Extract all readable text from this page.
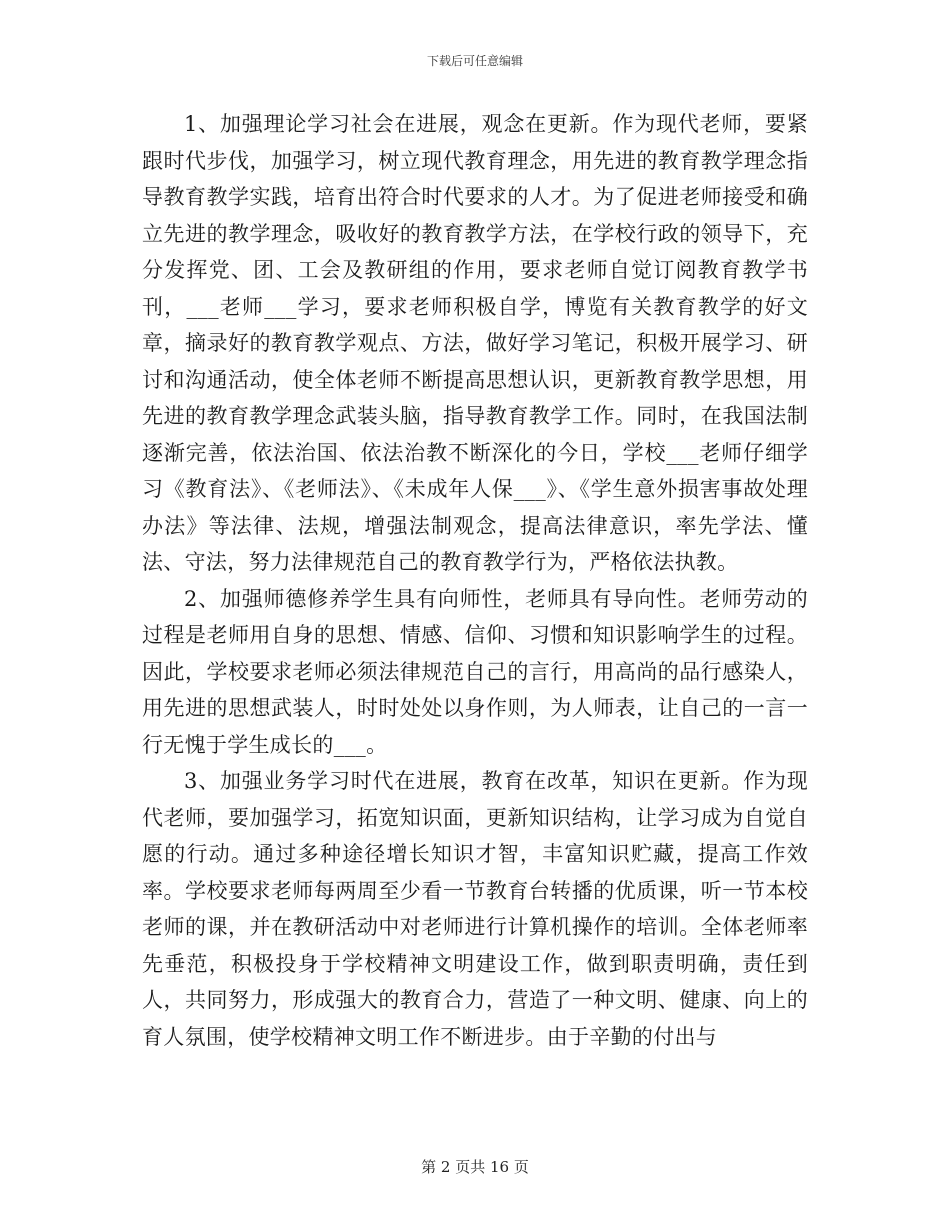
下载后可任意编辑

1、加强理论学习社会在进展，观念在更新。作为现代老师，要紧跟时代步伐，加强学习，树立现代教育理念，用先进的教育教学理念指导教育教学实践，培育出符合时代要求的人才。为了促进老师接受和确立先进的教学理念，吸收好的教育教学方法，在学校行政的领导下，充分发挥党、团、工会及教研组的作用，要求老师自觉订阅教育教学书刊，___老师___学习，要求老师积极自学，博览有关教育教学的好文章，摘录好的教育教学观点、方法，做好学习笔记，积极开展学习、研讨和沟通活动，使全体老师不断提高思想认识，更新教育教学思想，用先进的教育教学理念武装头脑，指导教育教学工作。同时，在我国法制逐渐完善，依法治国、依法治教不断深化的今日，学校___老师仔细学习《教育法》、《老师法》、《未成年人保___》、《学生意外损害事故处理办法》等法律、法规，增强法制观念，提高法律意识，率先学法、懂法、守法，努力法律规范自己的教育教学行为，严格依法执教。

2、加强师德修养学生具有向师性，老师具有导向性。老师劳动的过程是老师用自身的思想、情感、信仰、习惯和知识影响学生的过程。因此，学校要求老师必须法律规范自己的言行，用高尚的品行感染人，用先进的思想武装人，时时处处以身作则，为人师表，让自己的一言一行无愧于学生成长的___。

3、加强业务学习时代在进展，教育在改革，知识在更新。作为现代老师，要加强学习，拓宽知识面，更新知识结构，让学习成为自觉自愿的行动。通过多种途径增长知识才智，丰富知识贮藏，提高工作效率。学校要求老师每两周至少看一节教育台转播的优质课，听一节本校老师的课，并在教研活动中对老师进行计算机操作的培训。全体老师率先垂范，积极投身于学校精神文明建设工作，做到职责明确，责任到人，共同努力，形成强大的教育合力，营造了一种文明、健康、向上的育人氛围，使学校精神文明工作不断进步。由于辛勤的付出与

第 2 页共 16 页
